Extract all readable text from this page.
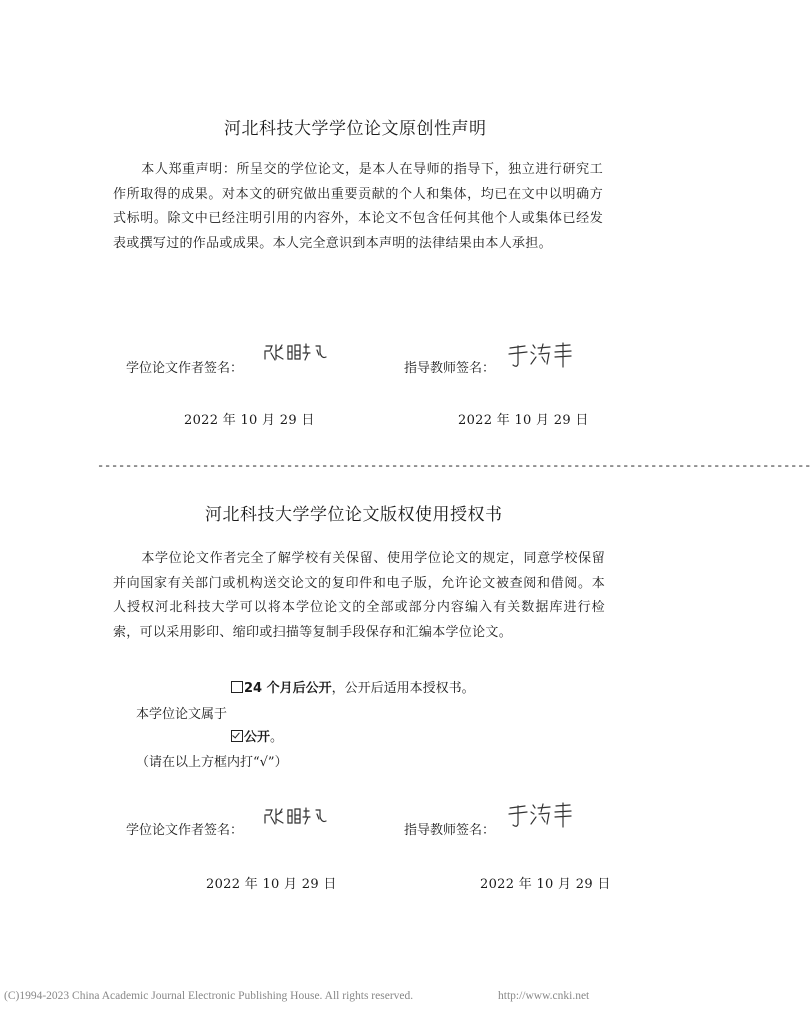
河北科技大学学位论文原创性声明

本人郑重声明：所呈交的学位论文，是本人在导师的指导下，独立进行研究工作所取得的成果。对本文的研究做出重要贡献的个人和集体，均已在文中以明确方式标明。除文中已经注明引用的内容外，本论文不包含任何其他个人或集体已经发表或撰写过的作品或成果。本人完全意识到本声明的法律结果由本人承担。

学位论文作者签名：	指导教师签名：
2022 年 10 月 29 日	2022 年 10 月 29 日
------------------------------------------------------------------------------------------------------
河北科技大学学位论文版权使用授权书

本学位论文作者完全了解学校有关保留、使用学位论文的规定，同意学校保留并向国家有关部门或机构送交论文的复印件和电子版，允许论文被查阅和借阅。本人授权河北科技大学可以将本学位论文的全部或部分内容编入有关数据库进行检索，可以采用影印、缩印或扫描等复制手段保存和汇编本学位论文。

24 个月后公开，公开后适用本授权书。
本学位论文属于
公开。
（请在以上方框内打“√”）
学位论文作者签名：	指导教师签名：
2022 年 10 月 29 日	2022 年 10 月 29 日
(C)1994-2023 China Academic Journal Electronic Publishing House. All rights reserved.	http://www.cnki.net
